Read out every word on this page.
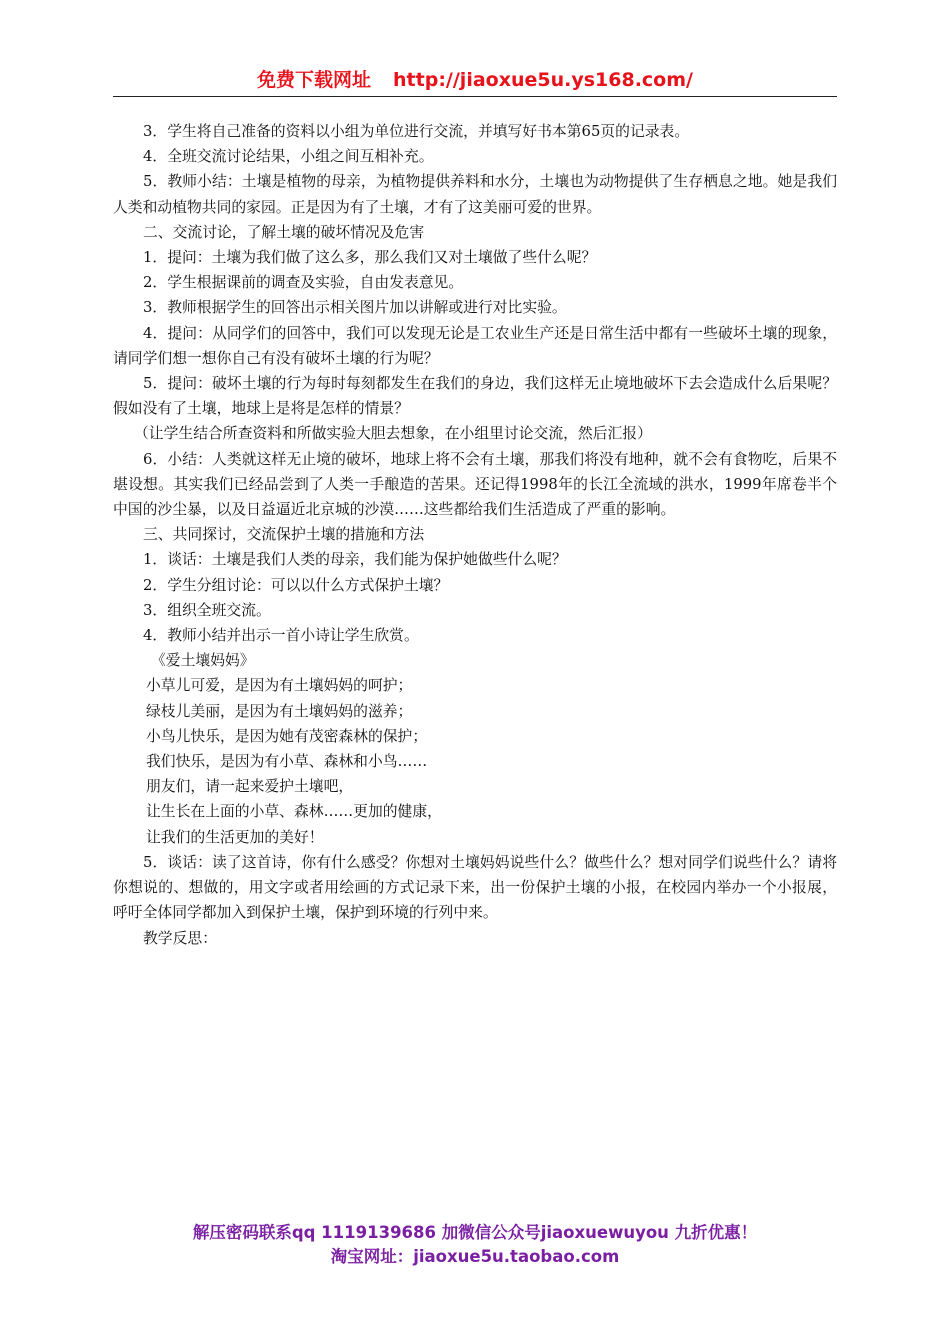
免费下载网址 http://jiaoxue5u.ys168.com/

3．学生将自己准备的资料以小组为单位进行交流，并填写好书本第65页的记录表。

4．全班交流讨论结果，小组之间互相补充。

5．教师小结：土壤是植物的母亲，为植物提供养料和水分，土壤也为动物提供了生存栖息之地。她是我们人类和动植物共同的家园。正是因为有了土壤，才有了这美丽可爱的世界。

二、交流讨论，了解土壤的破坏情况及危害

1．提问：土壤为我们做了这么多，那么我们又对土壤做了些什么呢？

2．学生根据课前的调查及实验，自由发表意见。

3．教师根据学生的回答出示相关图片加以讲解或进行对比实验。

4．提问：从同学们的回答中，我们可以发现无论是工农业生产还是日常生活中都有一些破坏土壤的现象，请同学们想一想你自己有没有破坏土壤的行为呢？

5．提问：破坏土壤的行为每时每刻都发生在我们的身边，我们这样无止境地破坏下去会造成什么后果呢？假如没有了土壤，地球上是将是怎样的情景？

（让学生结合所查资料和所做实验大胆去想象，在小组里讨论交流，然后汇报）

6．小结：人类就这样无止境的破坏，地球上将不会有土壤，那我们将没有地种，就不会有食物吃，后果不堪设想。其实我们已经品尝到了人类一手酿造的苦果。还记得1998年的长江全流域的洪水，1999年席卷半个中国的沙尘暴，以及日益逼近北京城的沙漠……这些都给我们生活造成了严重的影响。

三、共同探讨，交流保护土壤的措施和方法

1．谈话：土壤是我们人类的母亲，我们能为保护她做些什么呢？

2．学生分组讨论：可以以什么方式保护土壤？

3．组织全班交流。

4．教师小结并出示一首小诗让学生欣赏。

《爱土壤妈妈》

小草儿可爱，是因为有土壤妈妈的呵护；

绿枝儿美丽，是因为有土壤妈妈的滋养；

小鸟儿快乐，是因为她有茂密森林的保护；

我们快乐，是因为有小草、森林和小鸟……

朋友们，请一起来爱护土壤吧，

让生长在上面的小草、森林……更加的健康，

让我们的生活更加的美好！

5．谈话：读了这首诗，你有什么感受？你想对土壤妈妈说些什么？做些什么？想对同学们说些什么？请将你想说的、想做的，用文字或者用绘画的方式记录下来，出一份保护土壤的小报，在校园内举办一个小报展，呼吁全体同学都加入到保护土壤，保护到环境的行列中来。

教学反思：

解压密码联系qq 1119139686 加微信公众号jiaoxuewuyou 九折优惠！
淘宝网址：jiaoxue5u.taobao.com
